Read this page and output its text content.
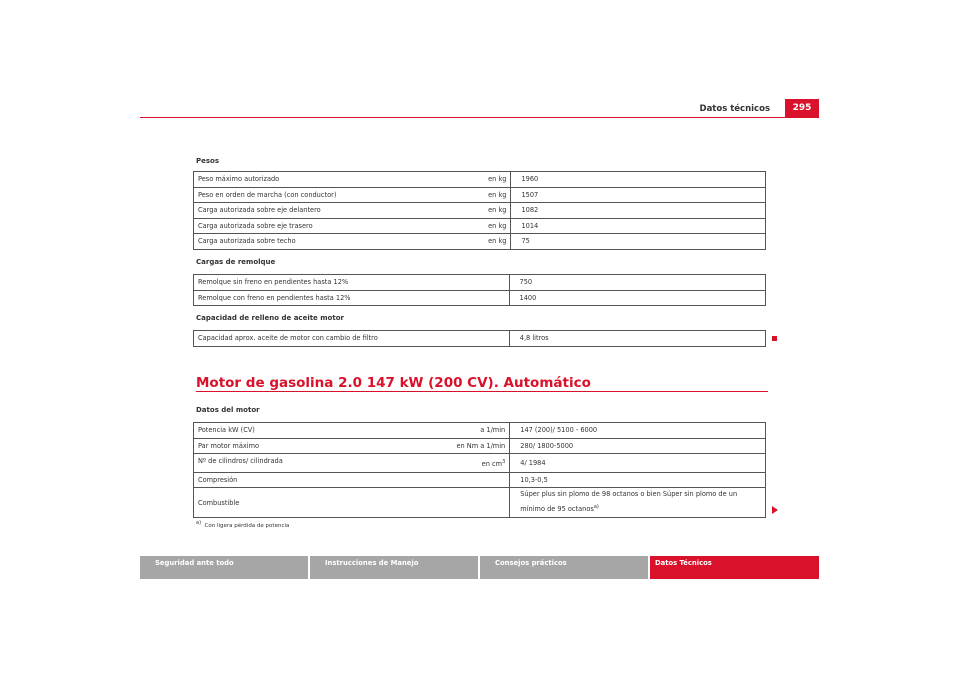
Datos técnicos	295
Pesos
Peso máximo autorizado	en kg	1960
Peso en orden de marcha (con conductor)	en kg	1507
Carga autorizada sobre eje delantero	en kg	1082
Carga autorizada sobre eje trasero	en kg	1014
Carga autorizada sobre techo	en kg	75
Cargas de remolque
Remolque sin freno en pendientes hasta 12%	750
Remolque con freno en pendientes hasta 12%	1400
Capacidad de relleno de aceite motor
Capacidad aprox. aceite de motor con cambio de filtro	4,8 litros
Motor de gasolina 2.0 147 kW (200 CV). Automático
Datos del motor
Potencia kW (CV)	a 1/min	147 (200)/ 5100 - 6000
Par motor máximo	en Nm a 1/min	280/ 1800-5000
Nº de cilindros/ cilindrada	en $cm^3$	4/ 1984
Compresión		10,3-0,5
Combustible		Súper plus sin plomo de 98 octanos o bien Súper sin plomo de un
mínimo de 95 octanos$^{a)}$
a) Con ligera pérdida de potencia
Seguridad ante todo	Instrucciones de Manejo	Consejos prácticos	Datos Técnicos
